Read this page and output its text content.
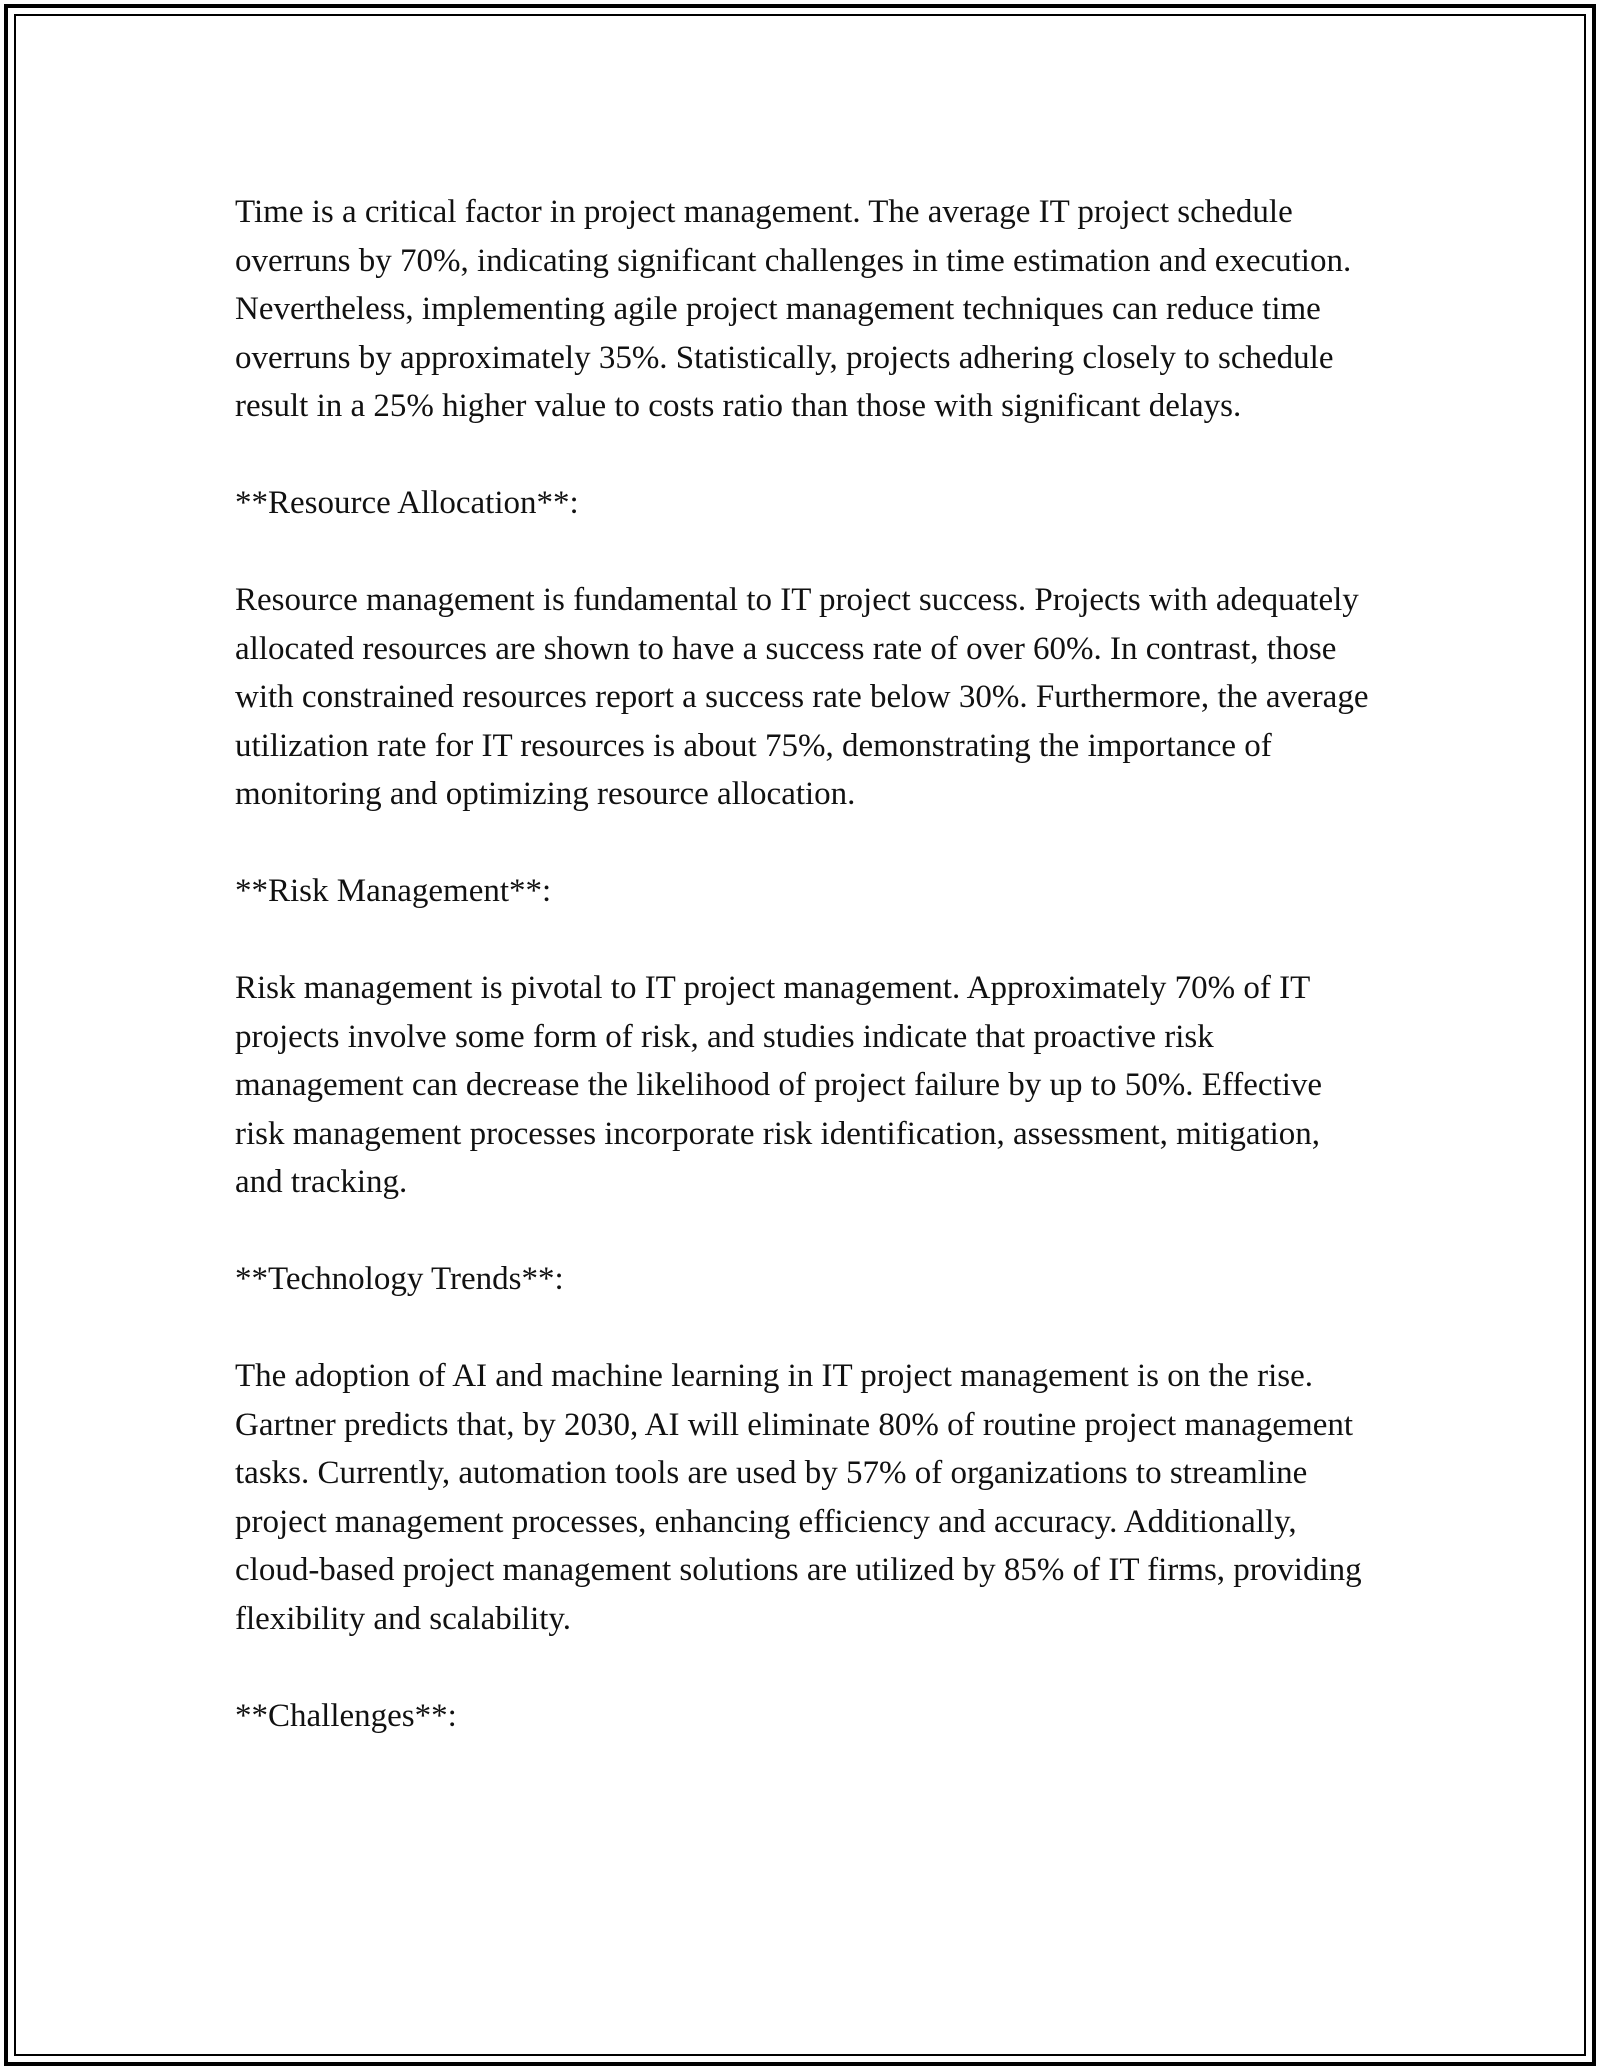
Time is a critical factor in project management. The average IT project schedule overruns by 70%, indicating significant challenges in time estimation and execution. Nevertheless, implementing agile project management techniques can reduce time overruns by approximately 35%. Statistically, projects adhering closely to schedule result in a 25% higher value to costs ratio than those with significant delays.

**Resource Allocation**:

Resource management is fundamental to IT project success. Projects with adequately allocated resources are shown to have a success rate of over 60%. In contrast, those with constrained resources report a success rate below 30%. Furthermore, the average utilization rate for IT resources is about 75%, demonstrating the importance of monitoring and optimizing resource allocation.

**Risk Management**:

Risk management is pivotal to IT project management. Approximately 70% of IT projects involve some form of risk, and studies indicate that proactive risk management can decrease the likelihood of project failure by up to 50%. Effective risk management processes incorporate risk identification, assessment, mitigation, and tracking.

**Technology Trends**:

The adoption of AI and machine learning in IT project management is on the rise. Gartner predicts that, by 2030, AI will eliminate 80% of routine project management tasks. Currently, automation tools are used by 57% of organizations to streamline project management processes, enhancing efficiency and accuracy. Additionally, cloud-based project management solutions are utilized by 85% of IT firms, providing flexibility and scalability.

**Challenges**:
